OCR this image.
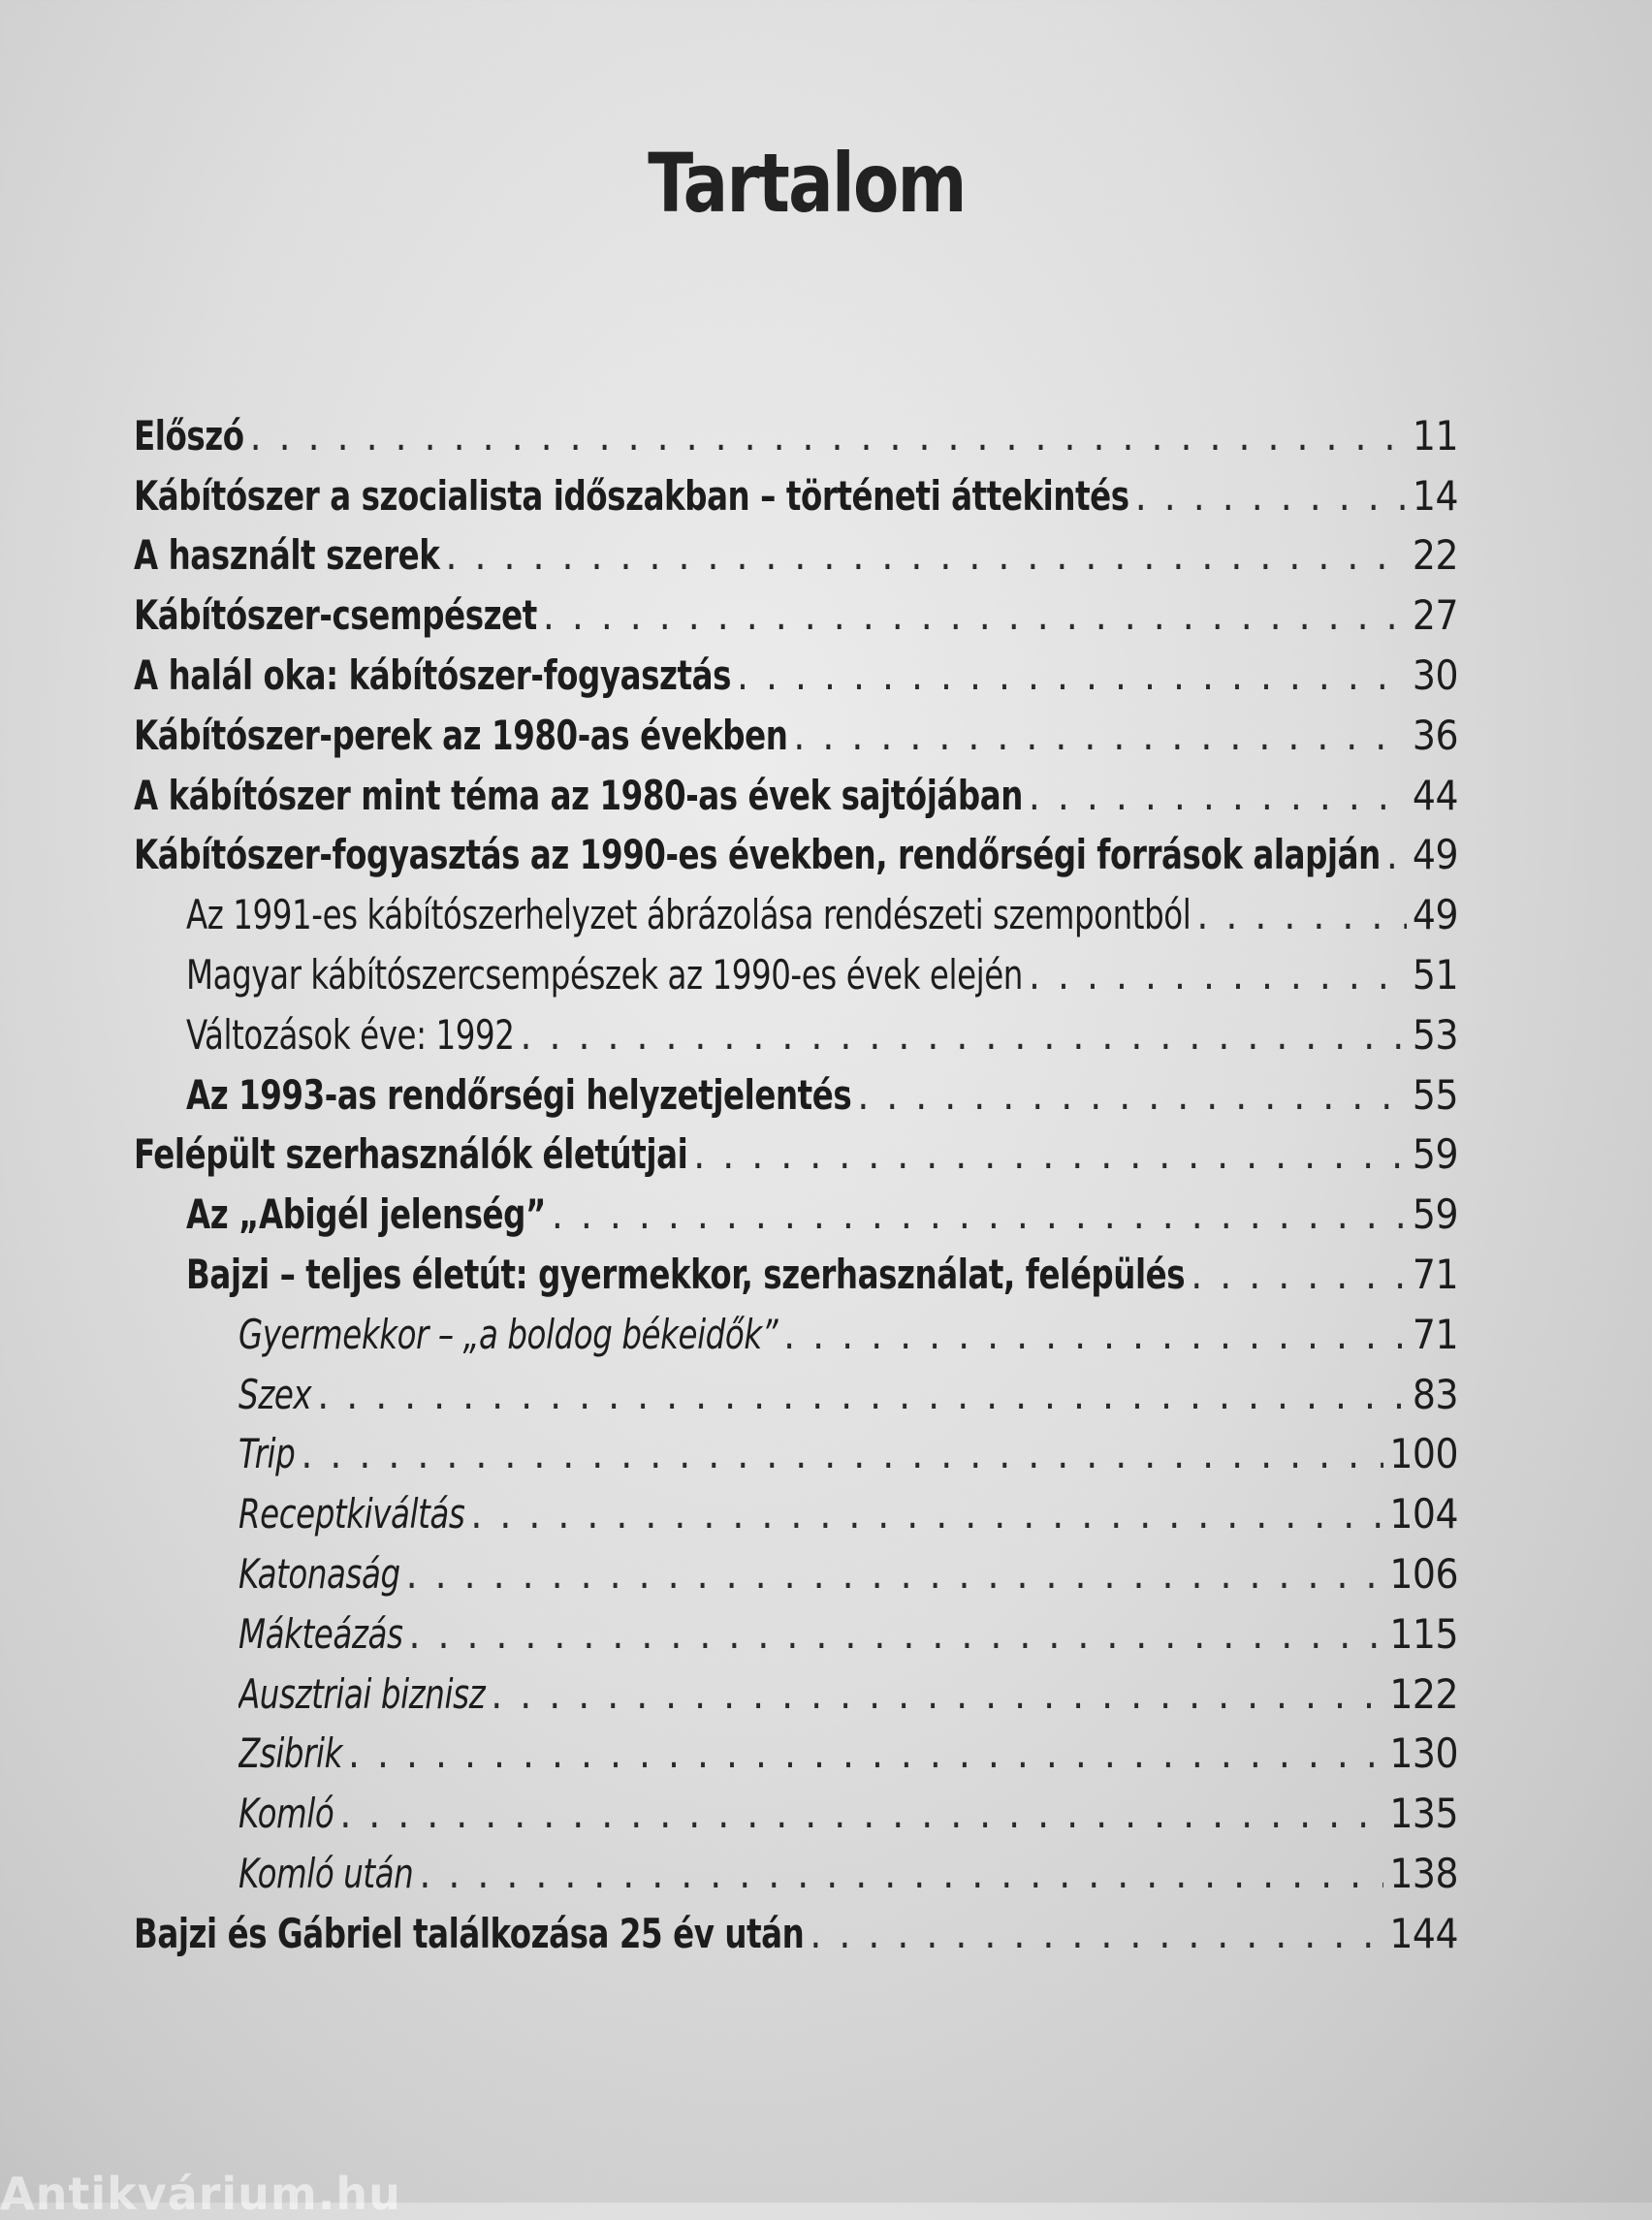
Tartalom
Előszó . . .	11
Kábítószer a szocialista időszakban – történeti áttekintés . . .	14
A használt szerek . . .	22
Kábítószer-csempészet . . .	27
A halál oka: kábítószer-fogyasztás . . .	30
Kábítószer-perek az 1980-as években . . .	36
A kábítószer mint téma az 1980-as évek sajtójában . . .	44
Kábítószer-fogyasztás az 1990-es években, rendőrségi források alapján . . . 49
Az 1991-es kábítószerhelyzet ábrázolása rendészeti szempontból . . .	49
Magyar kábítószercsempészek az 1990-es évek elején . . .	51
Változások éve: 1992 . . .	53
Az 1993-as rendőrségi helyzetjelentés . . .	55
Felépült szerhasználók életútjai . . .	59
Az „Abigél jelenség” . . .	59
Bajzi – teljes életút: gyermekkor, szerhasználat, felépülés . . .	71
Gyermekkor – „a boldog békeidők” . . .	71
Szex . . .	83
Trip . . .	100
Receptkiváltás . . .	104
Katonaság . . .	106
Mákteázás . . .	115
Ausztriai biznisz . . .	122
Zsibrik . . .	130
Komló . . .	135
Komló után . . .	138
Bajzi és Gábriel találkozása 25 év után . . .	144

Antikvárium.hu
